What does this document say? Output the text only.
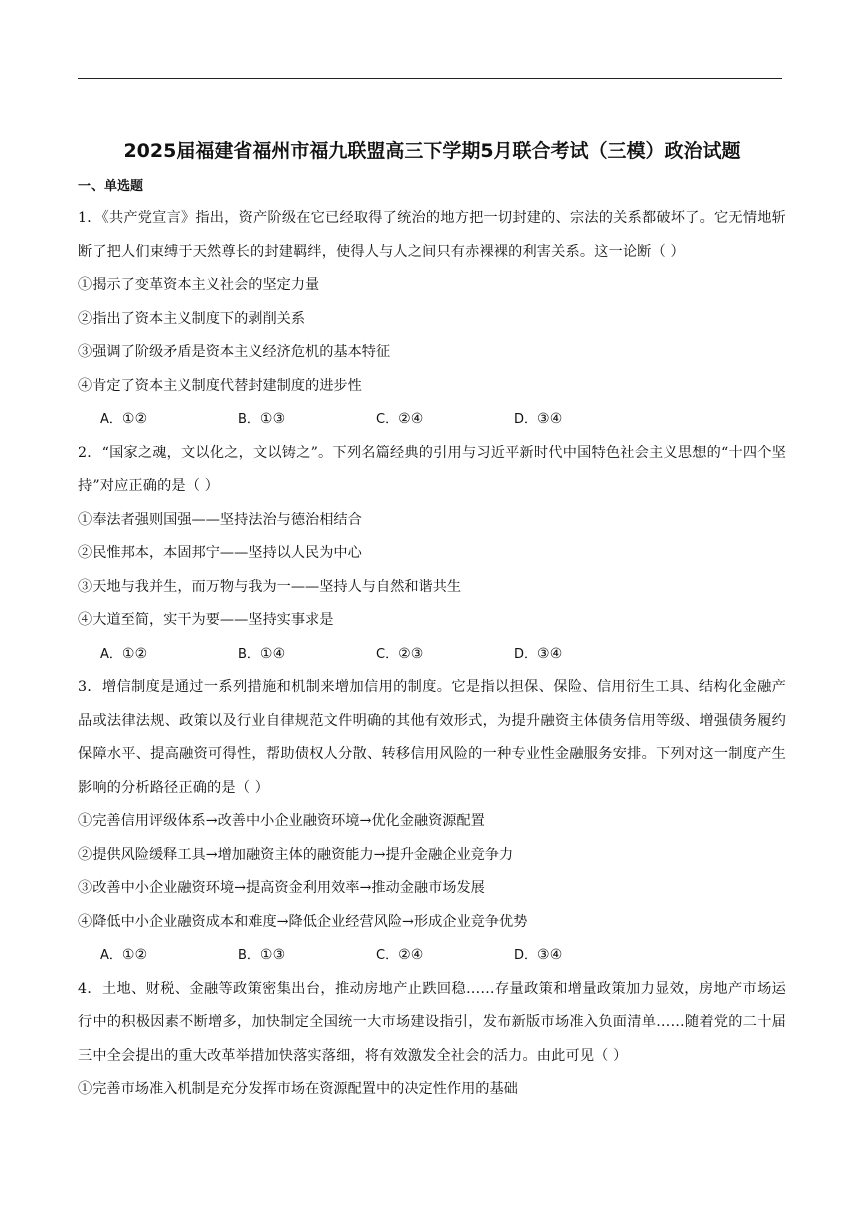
2025届福建省福州市福九联盟高三下学期5月联合考试（三模）政治试题
一、单选题

1．《共产党宣言》指出，资产阶级在它已经取得了统治的地方把一切封建的、宗法的关系都破坏了。它无情地斩断了把人们束缚于天然尊长的封建羁绊，使得人与人之间只有赤裸裸的利害关系。这一论断（ ）

①揭示了变革资本主义社会的坚定力量

②指出了资本主义制度下的剥削关系

③强调了阶级矛盾是资本主义经济危机的基本特征

④肯定了资本主义制度代替封建制度的进步性

A．①②	B．①③	C．②④	D．③④

2．“国家之魂，文以化之，文以铸之”。下列名篇经典的引用与习近平新时代中国特色社会主义思想的“十四个坚持”对应正确的是（ ）

①奉法者强则国强——坚持法治与德治相结合

②民惟邦本，本固邦宁——坚持以人民为中心

③天地与我并生，而万物与我为一——坚持人与自然和谐共生

④大道至简，实干为要——坚持实事求是

A．①②	B．①④	C．②③	D．③④

3．增信制度是通过一系列措施和机制来增加信用的制度。它是指以担保、保险、信用衍生工具、结构化金融产品或法律法规、政策以及行业自律规范文件明确的其他有效形式，为提升融资主体债务信用等级、增强债务履约保障水平、提高融资可得性，帮助债权人分散、转移信用风险的一种专业性金融服务安排。下列对这一制度产生影响的分析路径正确的是（ ）

①完善信用评级体系→改善中小企业融资环境→优化金融资源配置

②提供风险缓释工具→增加融资主体的融资能力→提升金融企业竞争力

③改善中小企业融资环境→提高资金利用效率→推动金融市场发展

④降低中小企业融资成本和难度→降低企业经营风险→形成企业竞争优势

A．①②	B．①③	C．②④	D．③④

4．土地、财税、金融等政策密集出台，推动房地产止跌回稳……存量政策和增量政策加力显效，房地产市场运行中的积极因素不断增多，加快制定全国统一大市场建设指引，发布新版市场准入负面清单……随着党的二十届三中全会提出的重大改革举措加快落实落细，将有效激发全社会的活力。由此可见（ ）

①完善市场准入机制是充分发挥市场在资源配置中的决定性作用的基础
